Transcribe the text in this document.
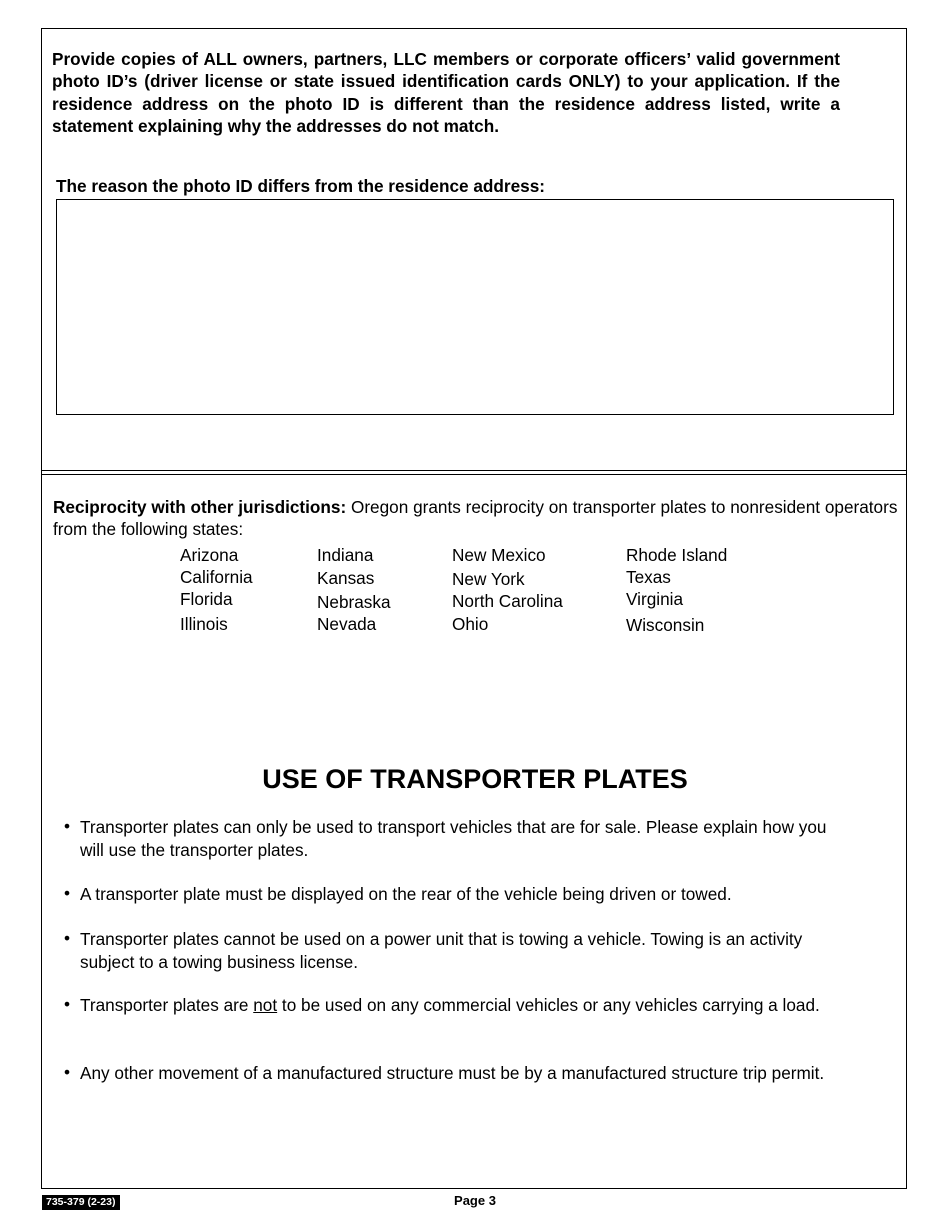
Provide copies of ALL owners, partners, LLC members or corporate officers’ valid government photo ID’s (driver license or state issued identification cards ONLY) to your application. If the residence address on the photo ID is different than the residence address listed, write a statement explaining why the addresses do not match.
The reason the photo ID differs from the residence address:
Reciprocity with other jurisdictions: Oregon grants reciprocity on transporter plates to nonresident operators from the following states:
Arizona
California
Florida
Illinois
Indiana
Kansas
Nebraska
Nevada
New Mexico
New York
North Carolina
Ohio
Rhode Island
Texas
Virginia
Wisconsin
USE OF TRANSPORTER PLATES
• Transporter plates can only be used to transport vehicles that are for sale. Please explain how you will use the transporter plates.
• A transporter plate must be displayed on the rear of the vehicle being driven or towed.
• Transporter plates cannot be used on a power unit that is towing a vehicle. Towing is an activity subject to a towing business license.
• Transporter plates are not to be used on any commercial vehicles or any vehicles carrying a load.
• Any other movement of a manufactured structure must be by a manufactured structure trip permit.
735-379 (2-23)	Page 3
